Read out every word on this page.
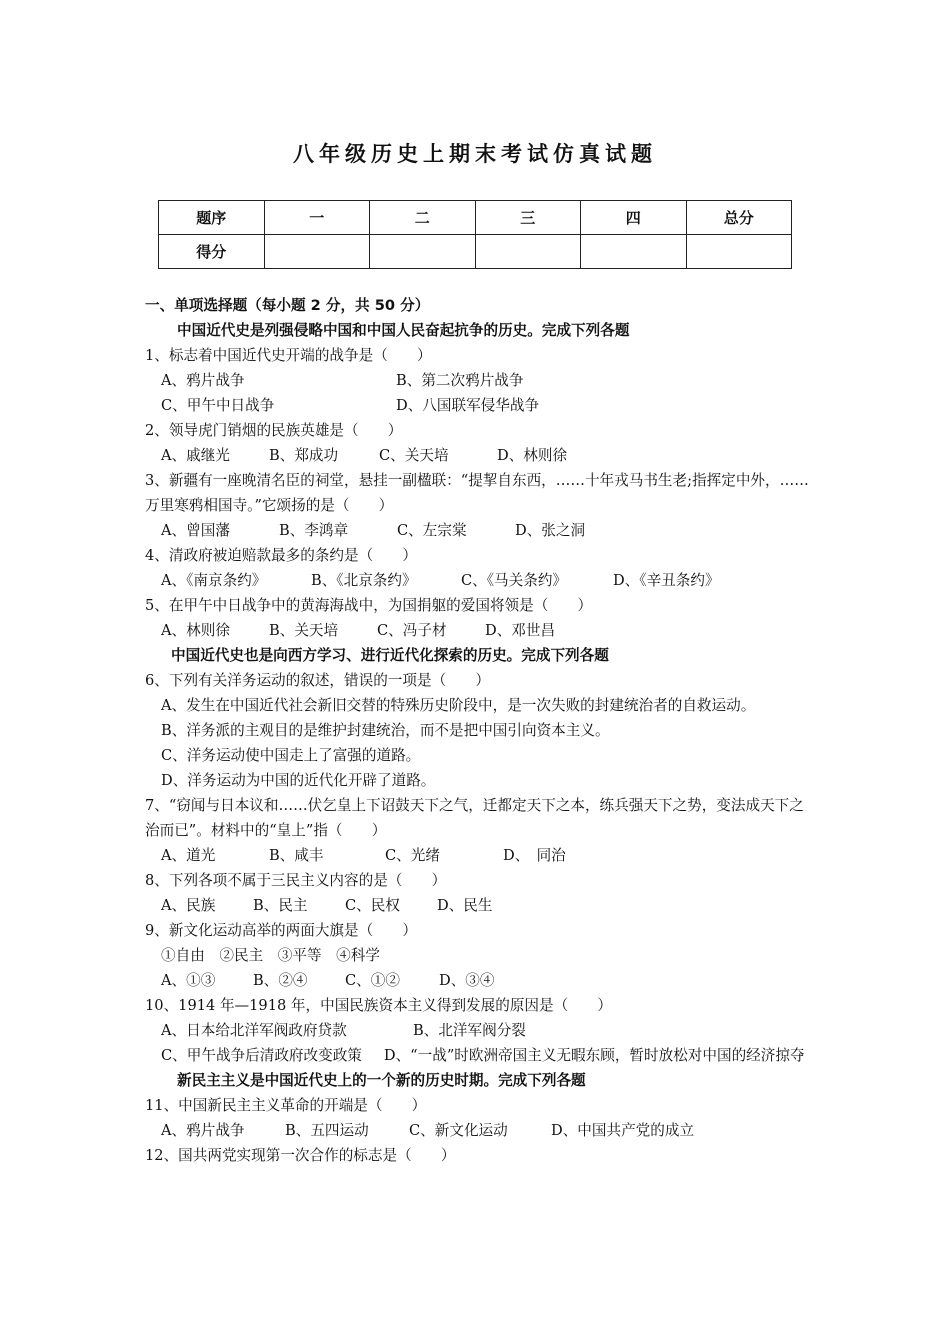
八年级历史上期末考试仿真试题
题序	一	二	三	四	总分
得分					
一、单项选择题（每小题 2 分，共 50 分）
中国近代史是列强侵略中国和中国人民奋起抗争的历史。完成下列各题
1、标志着中国近代史开端的战争是（　　）
A、鸦片战争	B、第二次鸦片战争
C、甲午中日战争	D、八国联军侵华战争
2、领导虎门销烟的民族英雄是（　　）
A、戚继光	B、郑成功	C、关天培	D、林则徐
3、新疆有一座晚清名臣的祠堂，悬挂一副楹联：“提挈自东西，……十年戎马书生老;指挥定中外，……万里寒鸦相国寺。”它颂扬的是（　　）
A、曾国藩	B、李鸿章	C、左宗棠	D、张之洞
4、清政府被迫赔款最多的条约是（　　）
A、《南京条约》	B、《北京条约》	C、《马关条约》	D、《辛丑条约》
5、在甲午中日战争中的黄海海战中，为国捐躯的爱国将领是（　　）
A、林则徐	B、关天培	C、冯子材	D、邓世昌
中国近代史也是向西方学习、进行近代化探索的历史。完成下列各题
6、下列有关洋务运动的叙述，错误的一项是（　　）
A、发生在中国近代社会新旧交替的特殊历史阶段中，是一次失败的封建统治者的自救运动。
B、洋务派的主观目的是维护封建统治，而不是把中国引向资本主义。
C、洋务运动使中国走上了富强的道路。
D、洋务运动为中国的近代化开辟了道路。
7、“窃闻与日本议和……伏乞皇上下诏鼓天下之气，迁都定天下之本，练兵强天下之势，变法成天下之治而已”。材料中的“皇上”指（　　）
A、道光	B、咸丰	C、光绪	D、　同治
8、下列各项不属于三民主义内容的是（　　）
A、民族	B、民主	C、民权	D、民生
9、新文化运动高举的两面大旗是（　　）
①自由　②民主　③平等　④科学
A、①③	B、②④	C、①②	D、③④
10、1914 年—1918 年，中国民族资本主义得到发展的原因是（　　）
A、日本给北洋军阀政府贷款	B、北洋军阀分裂
C、甲午战争后清政府改变政策 D、“一战”时欧洲帝国主义无暇东顾，暂时放松对中国的经济掠夺
新民主主义是中国近代史上的一个新的历史时期。完成下列各题
11、中国新民主主义革命的开端是（　　）
A、鸦片战争	B、五四运动	C、新文化运动	D、中国共产党的成立
12、国共两党实现第一次合作的标志是（　　）
